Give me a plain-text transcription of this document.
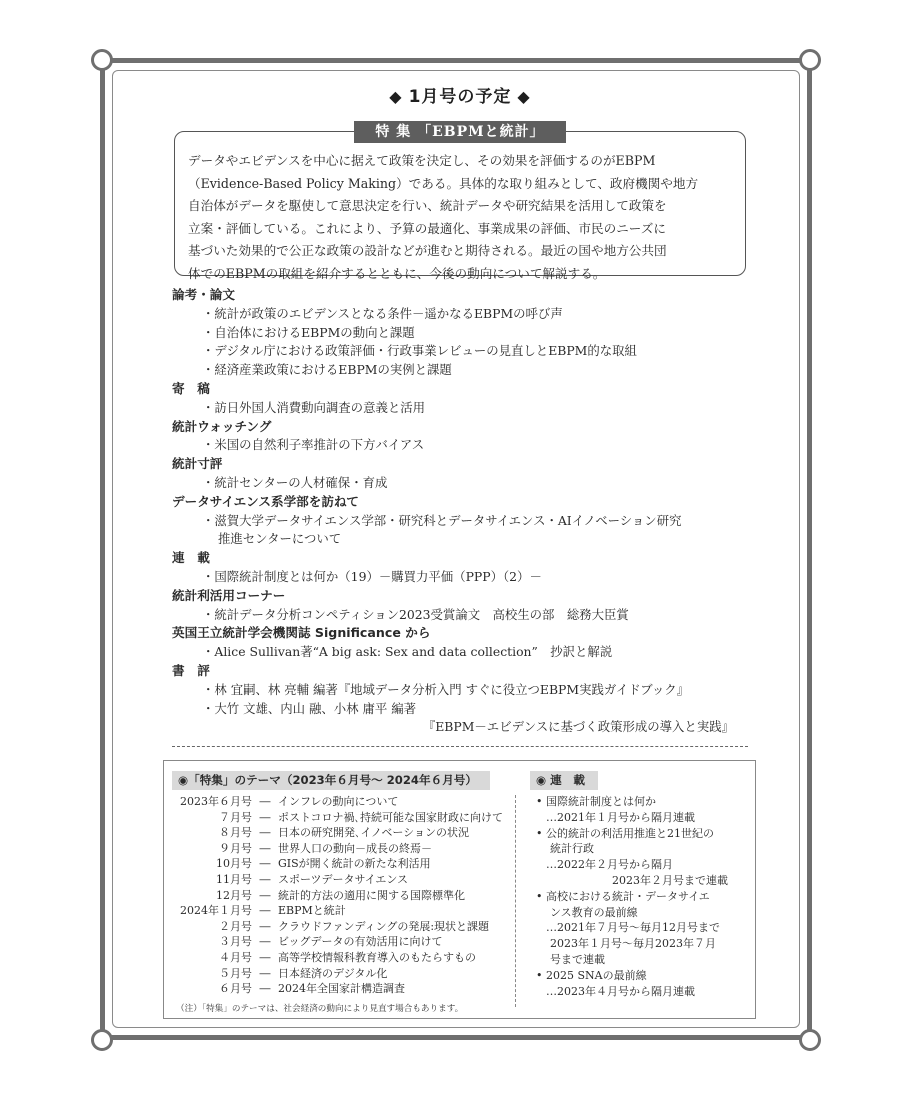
◆ 1月号の予定 ◆
特 集 「EBPMと統計」
データやエビデンスを中心に据えて政策を決定し、その効果を評価するのがEBPM
（Evidence-Based Policy Making）である。具体的な取り組みとして、政府機関や地方
自治体がデータを駆使して意思決定を行い、統計データや研究結果を活用して政策を
立案・評価している。これにより、予算の最適化、事業成果の評価、市民のニーズに
基づいた効果的で公正な政策の設計などが進むと期待される。最近の国や地方公共団
体でのEBPMの取組を紹介するとともに、今後の動向について解説する。
論考・論文
・統計が政策のエビデンスとなる条件－遥かなるEBPMの呼び声
・自治体におけるEBPMの動向と課題
・デジタル庁における政策評価・行政事業レビューの見直しとEBPM的な取組
・経済産業政策におけるEBPMの実例と課題
寄　稿
・訪日外国人消費動向調査の意義と活用
統計ウォッチング
・米国の自然利子率推計の下方バイアス
統計寸評
・統計センターの人材確保・育成
データサイエンス系学部を訪ねて
・滋賀大学データサイエンス学部・研究科とデータサイエンス・AIイノベーション研究
推進センターについて
連　載
・国際統計制度とは何か（19）－購買力平価（PPP）（2）－
統計利活用コーナー
・統計データ分析コンペティション2023受賞論文　高校生の部　総務大臣賞
英国王立統計学会機関誌 Significance から
・Alice Sullivan著“A big ask: Sex and data collection”　抄訳と解説
書　評
・林 宜嗣、林 亮輔 編著『地域データ分析入門 すぐに役立つEBPM実践ガイドブック』
・大竹 文雄、内山 融、小林 庸平 編著
『EBPM－エビデンスに基づく政策形成の導入と実践』
◉「特集」のテーマ（2023年６月号～ 2024年６月号）	◉ 連　載
2023年６月号 ― インフレの動向について
７月号 ― ポストコロナ禍､持続可能な国家財政に向けて
８月号 ― 日本の研究開発､イノベーションの状況
９月号 ― 世界人口の動向－成長の終焉－
10月号 ― GISが開く統計の新たな利活用
11月号 ― スポーツデータサイエンス
12月号 ― 統計的方法の適用に関する国際標準化
2024年１月号 ― EBPMと統計
２月号 ― クラウドファンディングの発展:現状と課題
３月号 ― ビッグデータの有効活用に向けて
４月号 ― 高等学校情報科教育導入のもたらすもの
５月号 ― 日本経済のデジタル化
６月号 ― 2024年全国家計構造調査
（注）「特集」のテーマは、社会経済の動向により見直す場合もあります。
• 国際統計制度とは何か
…2021年１月号から隔月連載
• 公的統計の利活用推進と21世紀の
統計行政
…2022年２月号から隔月
2023年２月号まで連載
• 高校における統計・データサイエ
ンス教育の最前線
…2021年７月号～毎月12月号まで
2023年１月号～毎月2023年７月
号まで連載
• 2025 SNAの最前線
…2023年４月号から隔月連載
